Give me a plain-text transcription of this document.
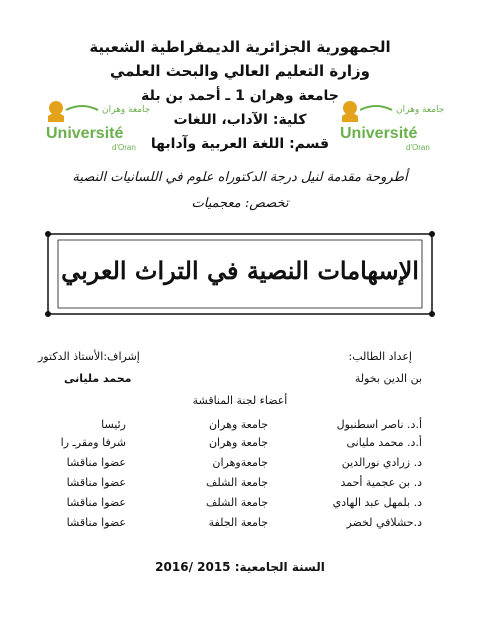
الجمهورية الجزائرية الديمقراطية الشعبية
وزارة التعليم العالي والبحث العلمي
جامعة وهران 1 ـ أحمد بن بلة
كلية: الآداب، اللغات
قسم: اللغة العربية وآدابها
جامعة وهران
Université
d'Oran
جامعة وهران
Université
d'Oran
أطروحة مقدمة لنيل درجة الدكتوراه علوم في اللسانيات النصية
تخصص: معجميات
الإسهامات النصية في التراث العربي
إعداد الطالب:
بن الدين بخولة
إشراف:الأستاذ الدكتور
محمد مليانى
أعضاء لجنة المناقشة
أ.د. ناصر اسطنبول
جامعة وهران
رئيسا
أ.د. محمد مليانى
جامعة وهران
شرفا ومقرـ را
د. زرادي نورالدين
جامعةوهران
عضوا مناقشا
د. بن عجمية أحمد
جامعة الشلف
عضوا مناقشا
د. بلمهل عبد الهادي
جامعة الشلف
عضوا مناقشا
د.حشلافي لخضر
جامعة الجلفة
عضوا مناقشا
السنة الجامعية: 2015 /2016
